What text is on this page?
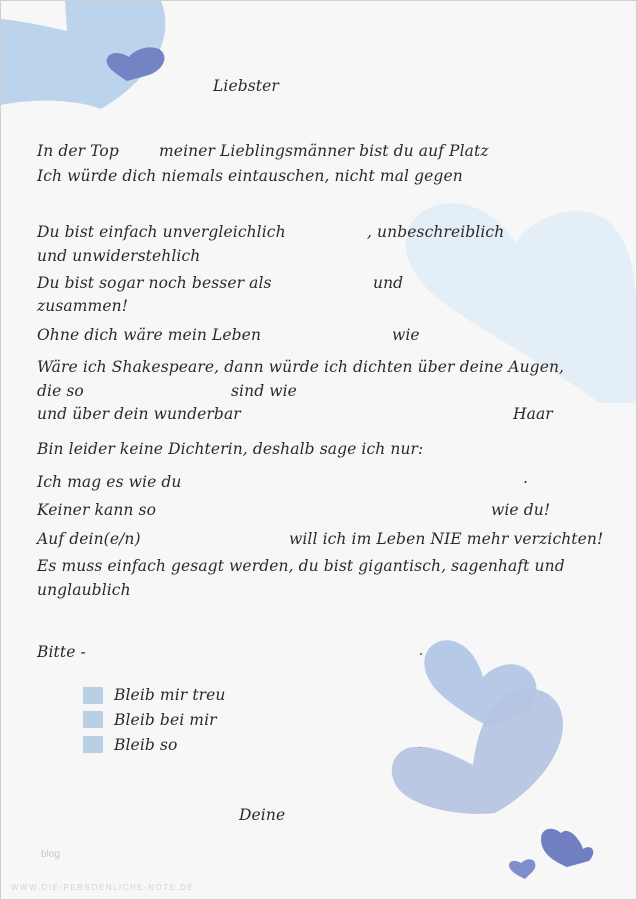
Liebster

In der Top	meiner Lieblingsmänner bist du auf Platz

Ich würde dich niemals eintauschen, nicht mal gegen

Du bist einfach unvergleichlich	, unbeschreiblich

und unwiderstehlich

Du bist sogar noch besser als	und

zusammen!

Ohne dich wäre mein Leben	wie

Wäre ich Shakespeare, dann würde ich dichten über deine Augen,

die so	sind wie

und über dein wunderbar	Haar

Bin leider keine Dichterin, deshalb sage ich nur:

Ich mag es wie du	.

Keiner kann so	wie du!

Auf dein(e/n)	will ich im Leben NIE mehr verzichten!

Es muss einfach gesagt werden, du bist gigantisch, sagenhaft und

unglaublich

Bitte -

Bleib mir treu

Bleib bei mir

Bleib so

Deine

blog
WWW.DIE-PERSOENLICHE-NOTE.DE
